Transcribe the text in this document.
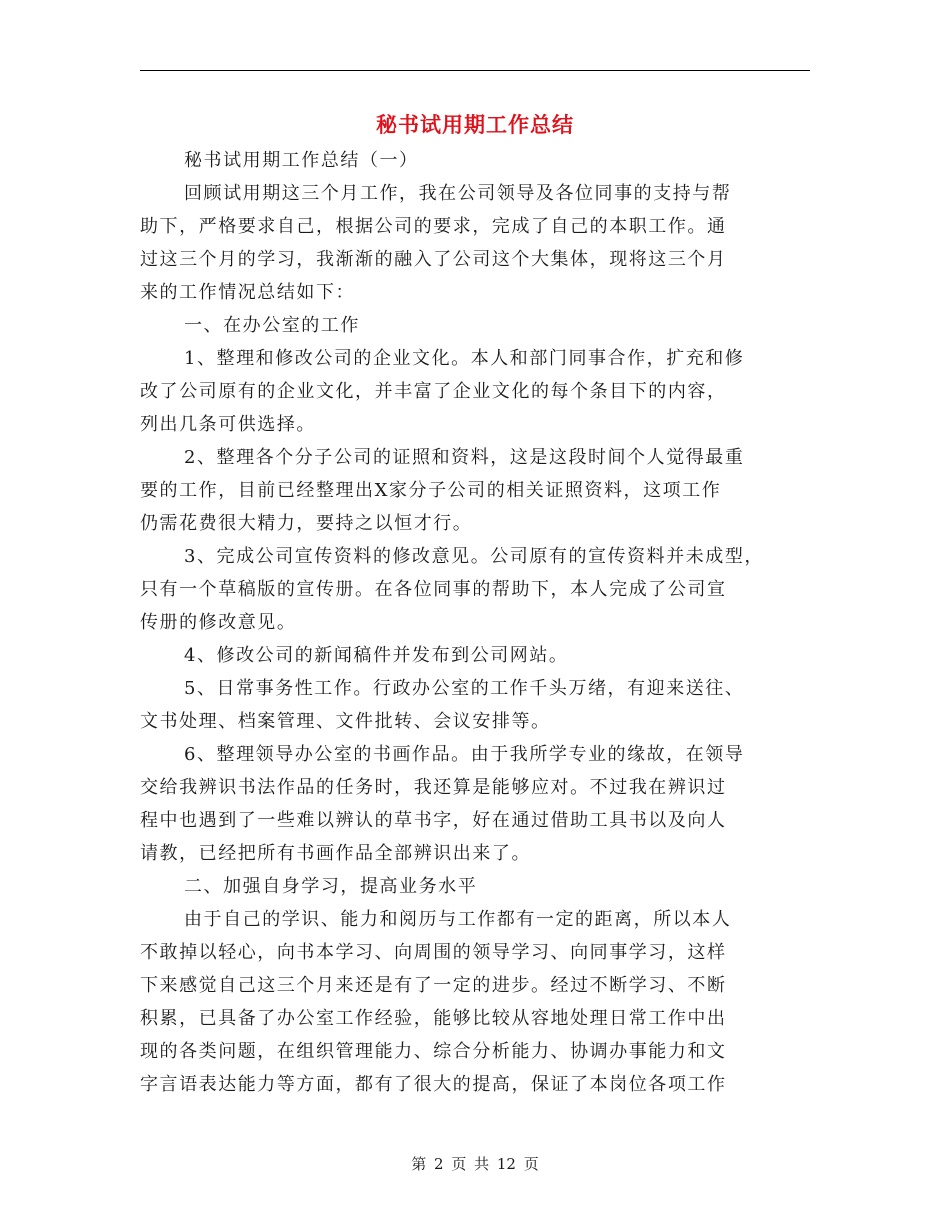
秘书试用期工作总结
秘书试用期工作总结（一）
回顾试用期这三个月工作，我在公司领导及各位同事的支持与帮
助下，严格要求自己，根据公司的要求，完成了自己的本职工作。通
过这三个月的学习，我渐渐的融入了公司这个大集体，现将这三个月
来的工作情况总结如下：
一、在办公室的工作
1、整理和修改公司的企业文化。本人和部门同事合作，扩充和修
改了公司原有的企业文化，并丰富了企业文化的每个条目下的内容，
列出几条可供选择。
2、整理各个分子公司的证照和资料，这是这段时间个人觉得最重
要的工作，目前已经整理出X家分子公司的相关证照资料，这项工作
仍需花费很大精力，要持之以恒才行。
3、完成公司宣传资料的修改意见。公司原有的宣传资料并未成型，
只有一个草稿版的宣传册。在各位同事的帮助下，本人完成了公司宣
传册的修改意见。
4、修改公司的新闻稿件并发布到公司网站。
5、日常事务性工作。行政办公室的工作千头万绪，有迎来送往、
文书处理、档案管理、文件批转、会议安排等。
6、整理领导办公室的书画作品。由于我所学专业的缘故，在领导
交给我辨识书法作品的任务时，我还算是能够应对。不过我在辨识过
程中也遇到了一些难以辨认的草书字，好在通过借助工具书以及向人
请教，已经把所有书画作品全部辨识出来了。
二、加强自身学习，提高业务水平
由于自己的学识、能力和阅历与工作都有一定的距离，所以本人
不敢掉以轻心，向书本学习、向周围的领导学习、向同事学习，这样
下来感觉自己这三个月来还是有了一定的进步。经过不断学习、不断
积累，已具备了办公室工作经验，能够比较从容地处理日常工作中出
现的各类问题，在组织管理能力、综合分析能力、协调办事能力和文
字言语表达能力等方面，都有了很大的提高，保证了本岗位各项工作
第 2 页 共 12 页
